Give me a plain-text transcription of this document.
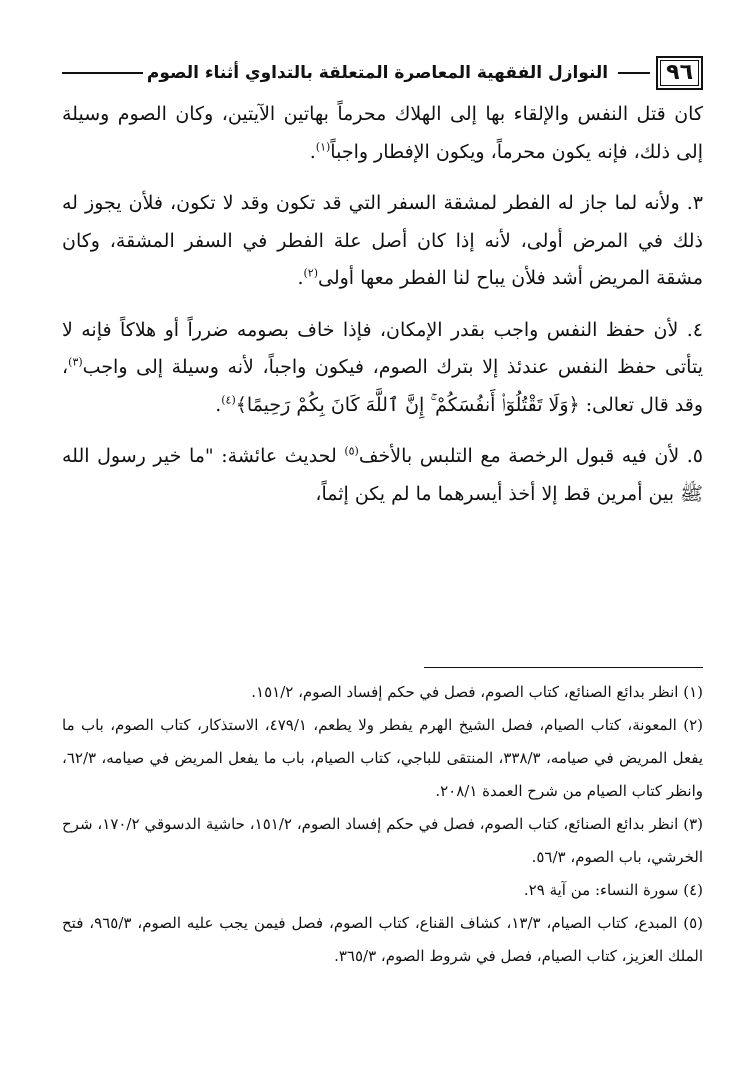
٩٦
النوازل الفقهية المعاصرة المتعلقة بالتداوي أثناء الصوم

كان قتل النفس والإلقاء بها إلى الهلاك محرماً بهاتين الآيتين، وكان الصوم وسيلة إلى ذلك، فإنه يكون محرماً، ويكون الإفطار واجباً$^{(١)}$.

٣. ولأنه لما جاز له الفطر لمشقة السفر التي قد تكون وقد لا تكون، فلأن يجوز له ذلك في المرض أولى، لأنه إذا كان أصل علة الفطر في السفر المشقة، وكان مشقة المريض أشد فلأن يباح لنا الفطر معها أولى$^{(٢)}$.

٤. لأن حفظ النفس واجب بقدر الإمكان، فإذا خاف بصومه ضرراً أو هلاكاً فإنه لا يتأتى حفظ النفس عندئذ إلا بترك الصوم، فيكون واجباً، لأنه وسيلة إلى واجب$^{(٣)}$، وقد قال تعالى: ﴿وَلَا تَقْتُلُوٓا۟ أَنفُسَكُمْ ۚ إِنَّ ٱللَّهَ كَانَ بِكُمْ رَحِيمًا﴾$^{(٤)}$.

٥. لأن فيه قبول الرخصة مع التلبس بالأخف$^{(٥)}$ لحديث عائشة: "ما خير رسول الله ﷺ بين أمرين قط إلا أخذ أيسرهما ما لم يكن إثماً،

(١) انظر بدائع الصنائع، كتاب الصوم، فصل في حكم إفساد الصوم، ١٥١/٢.

(٢) المعونة، كتاب الصيام، فصل الشيخ الهرم يفطر ولا يطعم، ٤٧٩/١، الاستذكار، كتاب الصوم، باب ما يفعل المريض في صيامه، ٣٣٨/٣، المنتقى للباجي، كتاب الصيام، باب ما يفعل المريض في صيامه، ٦٢/٣، وانظر كتاب الصيام من شرح العمدة ٢٠٨/١.

(٣) انظر بدائع الصنائع، كتاب الصوم، فصل في حكم إفساد الصوم، ١٥١/٢، حاشية الدسوقي ١٧٠/٢، شرح الخرشي، باب الصوم، ٥٦/٣.

(٤) سورة النساء: من آية ٢٩.

(٥) المبدع، كتاب الصيام، ١٣/٣، كشاف القناع، كتاب الصوم، فصل فيمن يجب عليه الصوم، ٩٦٥/٣، فتح الملك العزيز، كتاب الصيام، فصل في شروط الصوم، ٣٦٥/٣.
